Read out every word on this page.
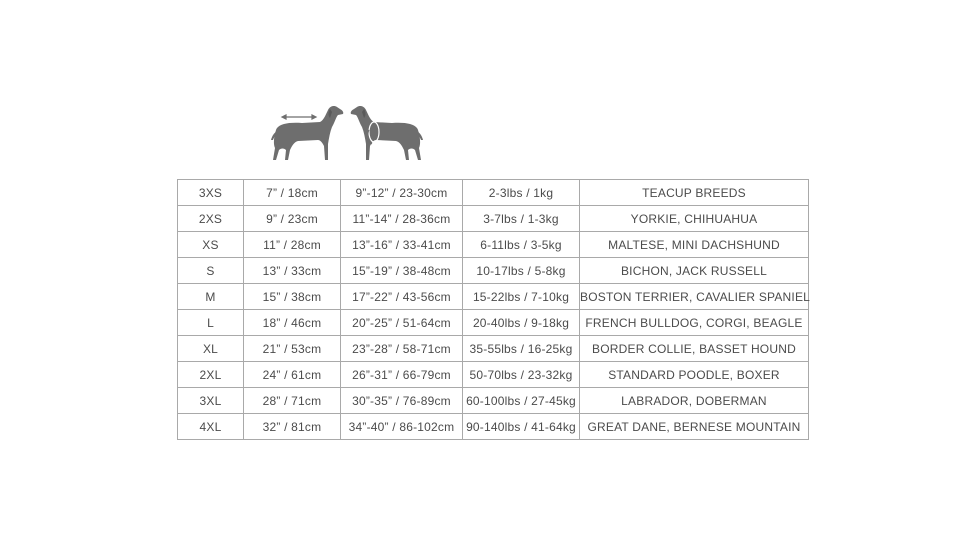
3XS	7” / 18cm	9”-12” / 23-30cm	2-3lbs / 1kg	TEACUP BREEDS
2XS	9” / 23cm	11”-14” / 28-36cm	3-7lbs / 1-3kg	YORKIE, CHIHUAHUA
XS	11” / 28cm	13”-16” / 33-41cm	6-11lbs / 3-5kg	MALTESE, MINI DACHSHUND
S	13” / 33cm	15”-19” / 38-48cm	10-17lbs / 5-8kg	BICHON, JACK RUSSELL
M	15” / 38cm	17”-22” / 43-56cm	15-22lbs / 7-10kg	BOSTON TERRIER, CAVALIER SPANIEL
L	18” / 46cm	20”-25” / 51-64cm	20-40lbs / 9-18kg	FRENCH BULLDOG, CORGI, BEAGLE
XL	21” / 53cm	23”-28” / 58-71cm	35-55lbs / 16-25kg	BORDER COLLIE, BASSET HOUND
2XL	24” / 61cm	26”-31” / 66-79cm	50-70lbs / 23-32kg	STANDARD POODLE, BOXER
3XL	28” / 71cm	30”-35” / 76-89cm	60-100lbs / 27-45kg	LABRADOR, DOBERMAN
4XL	32” / 81cm	34”-40” / 86-102cm	90-140lbs / 41-64kg	GREAT DANE, BERNESE MOUNTAIN
